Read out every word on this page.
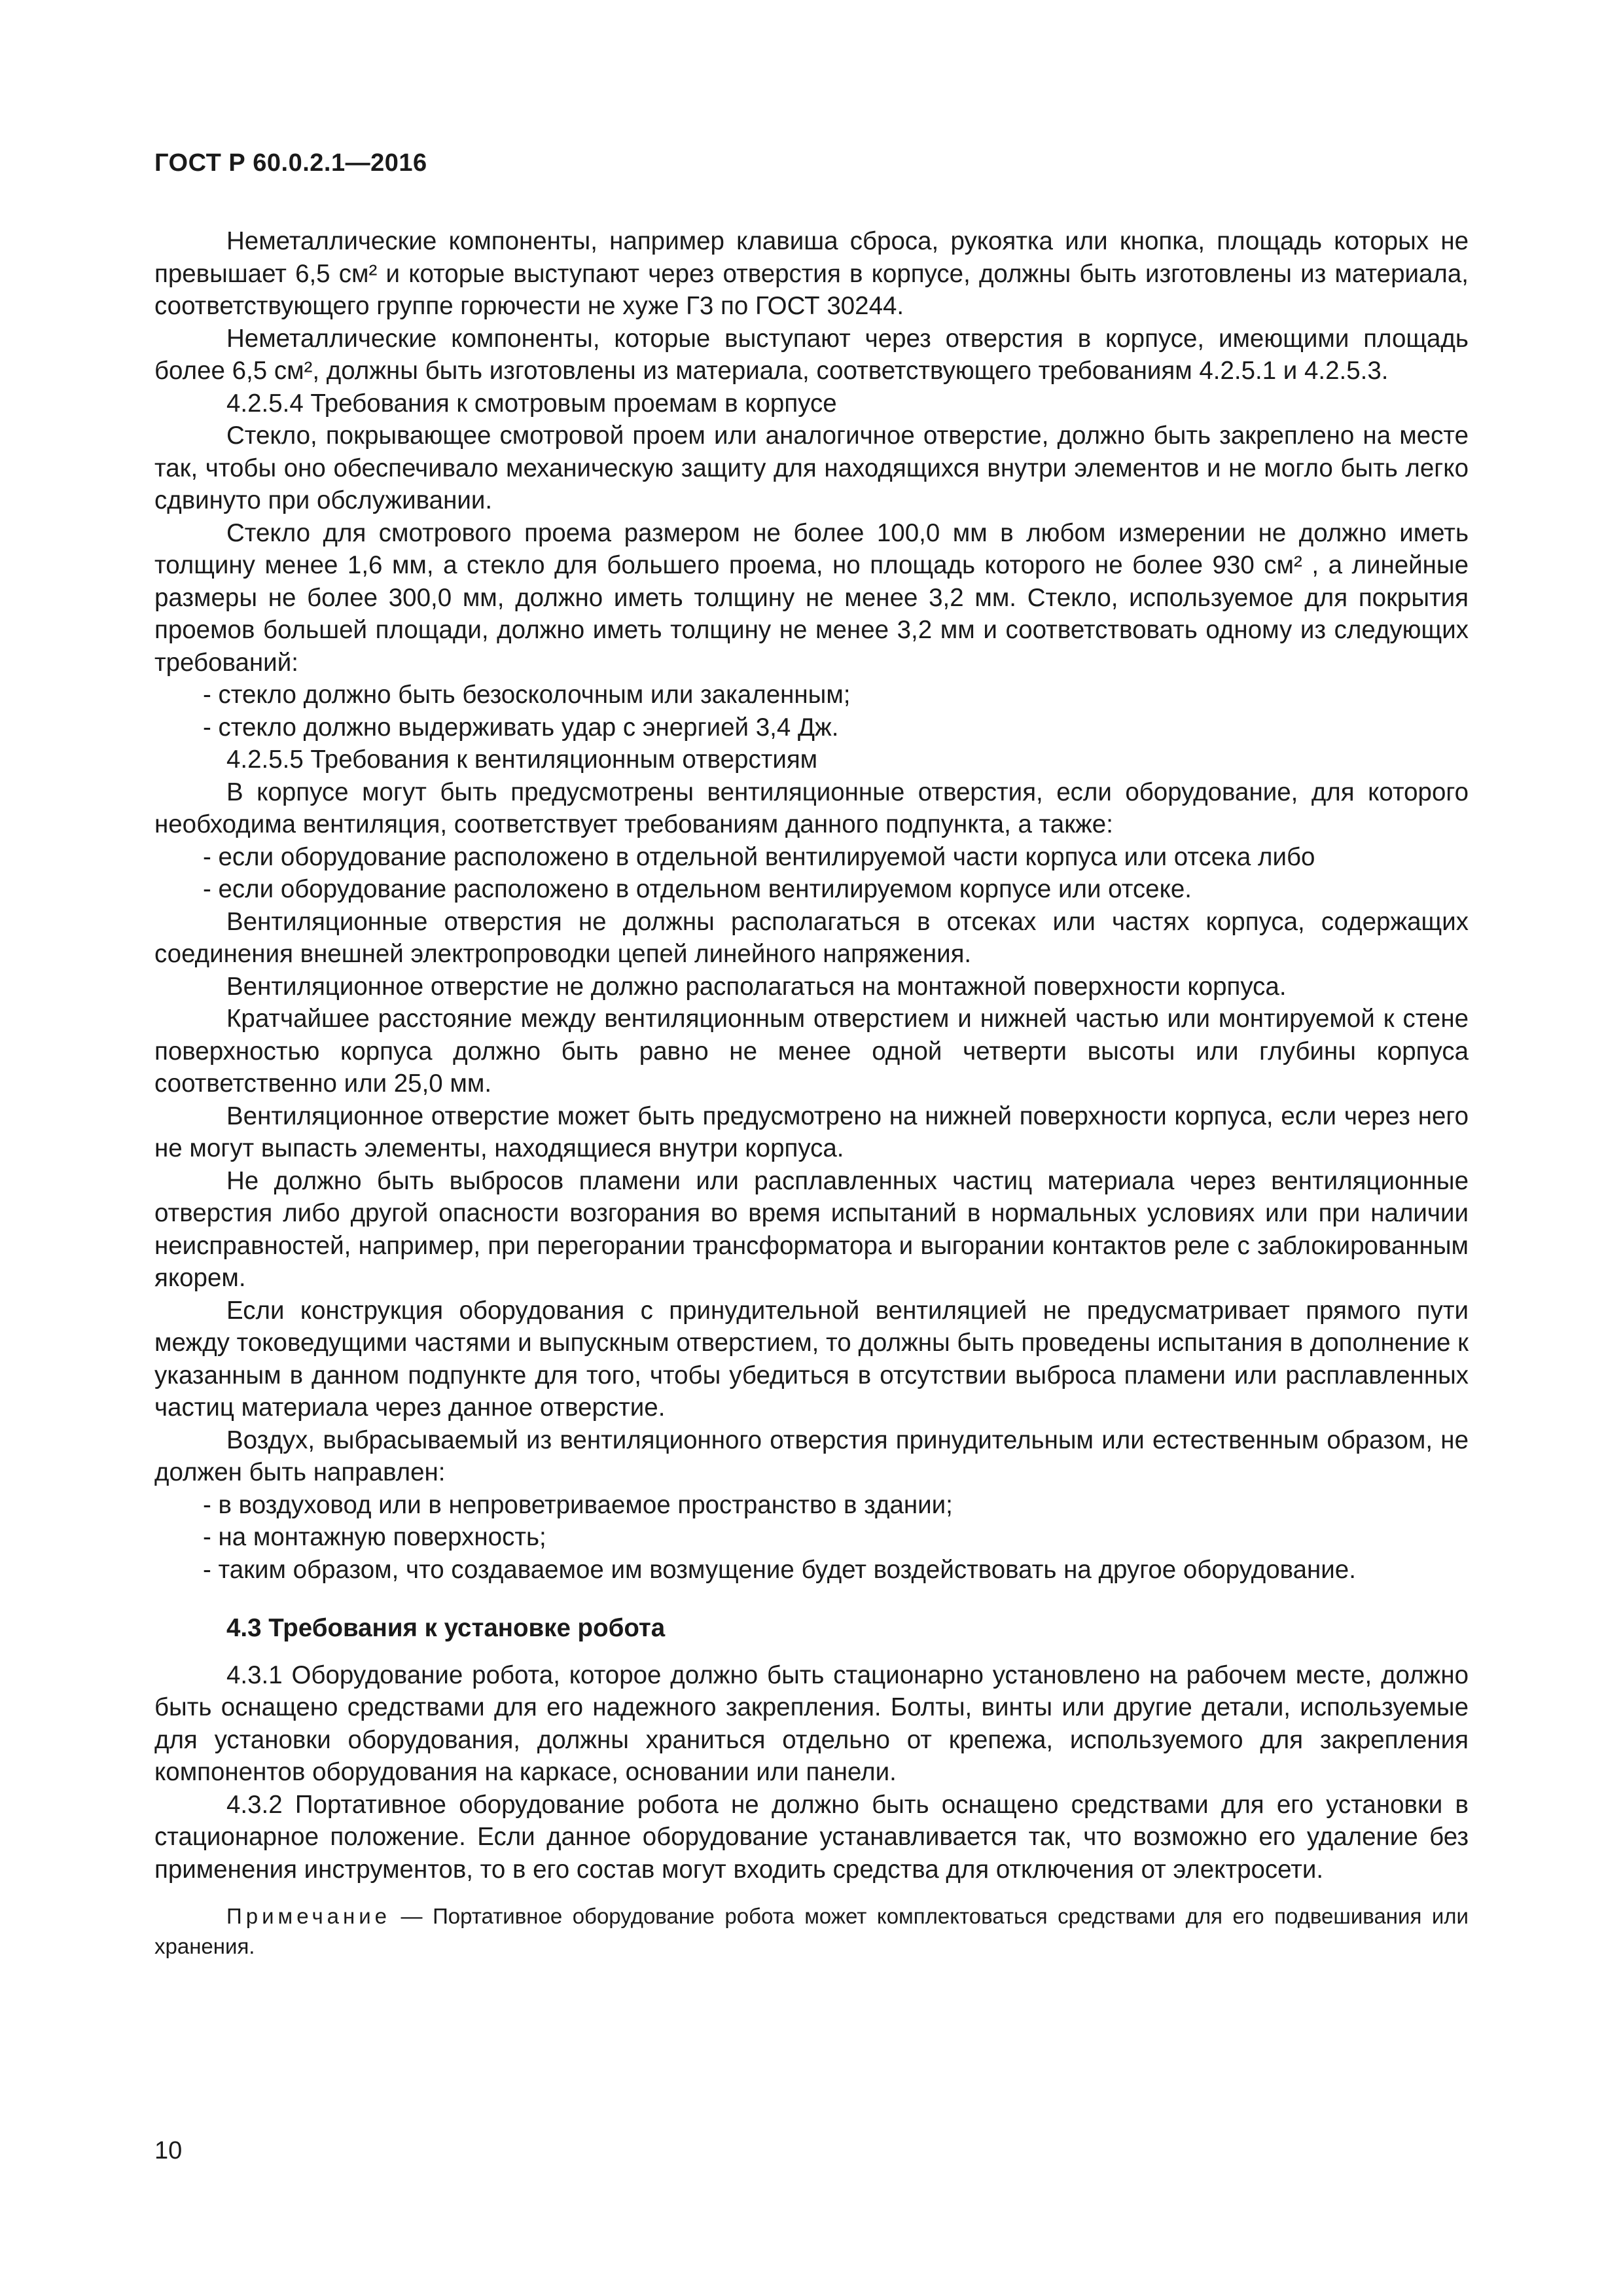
ГОСТ Р 60.0.2.1—2016

Неметаллические компоненты, например клавиша сброса, рукоятка или кнопка, площадь которых не превышает 6,5 см² и которые выступают через отверстия в корпусе, должны быть изготовлены из материала, соответствующего группе горючести не хуже Г3 по ГОСТ 30244.

Неметаллические компоненты, которые выступают через отверстия в корпусе, имеющими площадь более 6,5 см², должны быть изготовлены из материала, соответствующего требованиям 4.2.5.1 и 4.2.5.3.

4.2.5.4 Требования к смотровым проемам в корпусе

Стекло, покрывающее смотровой проем или аналогичное отверстие, должно быть закреплено на месте так, чтобы оно обеспечивало механическую защиту для находящихся внутри элементов и не могло быть легко сдвинуто при обслуживании.

Стекло для смотрового проема размером не более 100,0 мм в любом измерении не должно иметь толщину менее 1,6 мм, а стекло для большего проема, но площадь которого не более 930 см² , а линейные размеры не более 300,0 мм, должно иметь толщину не менее 3,2 мм. Стекло, используемое для покрытия проемов большей площади, должно иметь толщину не менее 3,2 мм и соответствовать одному из следующих требований:

- стекло должно быть безосколочным или закаленным;

- стекло должно выдерживать удар с энергией 3,4 Дж.

4.2.5.5 Требования к вентиляционным отверстиям

В корпусе могут быть предусмотрены вентиляционные отверстия, если оборудование, для которого необходима вентиляция, соответствует требованиям данного подпункта, а также:

- если оборудование расположено в отдельной вентилируемой части корпуса или отсека либо

- если оборудование расположено в отдельном вентилируемом корпусе или отсеке.

Вентиляционные отверстия не должны располагаться в отсеках или частях корпуса, содержащих соединения внешней электропроводки цепей линейного напряжения.

Вентиляционное отверстие не должно располагаться на монтажной поверхности корпуса.

Кратчайшее расстояние между вентиляционным отверстием и нижней частью или монтируемой к стене поверхностью корпуса должно быть равно не менее одной четверти высоты или глубины корпуса соответственно или 25,0 мм.

Вентиляционное отверстие может быть предусмотрено на нижней поверхности корпуса, если через него не могут выпасть элементы, находящиеся внутри корпуса.

Не должно быть выбросов пламени или расплавленных частиц материала через вентиляционные отверстия либо другой опасности возгорания во время испытаний в нормальных условиях или при наличии неисправностей, например, при перегорании трансформатора и выгорании контактов реле с заблокированным якорем.

Если конструкция оборудования с принудительной вентиляцией не предусматривает прямого пути между токоведущими частями и выпускным отверстием, то должны быть проведены испытания в дополнение к указанным в данном подпункте для того, чтобы убедиться в отсутствии выброса пламени или расплавленных частиц материала через данное отверстие.

Воздух, выбрасываемый из вентиляционного отверстия принудительным или естественным образом, не должен быть направлен:

- в воздуховод или в непроветриваемое пространство в здании;

- на монтажную поверхность;

- таким образом, что создаваемое им возмущение будет воздействовать на другое оборудование.

4.3 Требования к установке робота

4.3.1 Оборудование робота, которое должно быть стационарно установлено на рабочем месте, должно быть оснащено средствами для его надежного закрепления. Болты, винты или другие детали, используемые для установки оборудования, должны храниться отдельно от крепежа, используемого для закрепления компонентов оборудования на каркасе, основании или панели.

4.3.2 Портативное оборудование робота не должно быть оснащено средствами для его установки в стационарное положение. Если данное оборудование устанавливается так, что возможно его удаление без применения инструментов, то в его состав могут входить средства для отключения от электросети.

Примечание — Портативное оборудование робота может комплектоваться средствами для его подвешивания или хранения.

10
